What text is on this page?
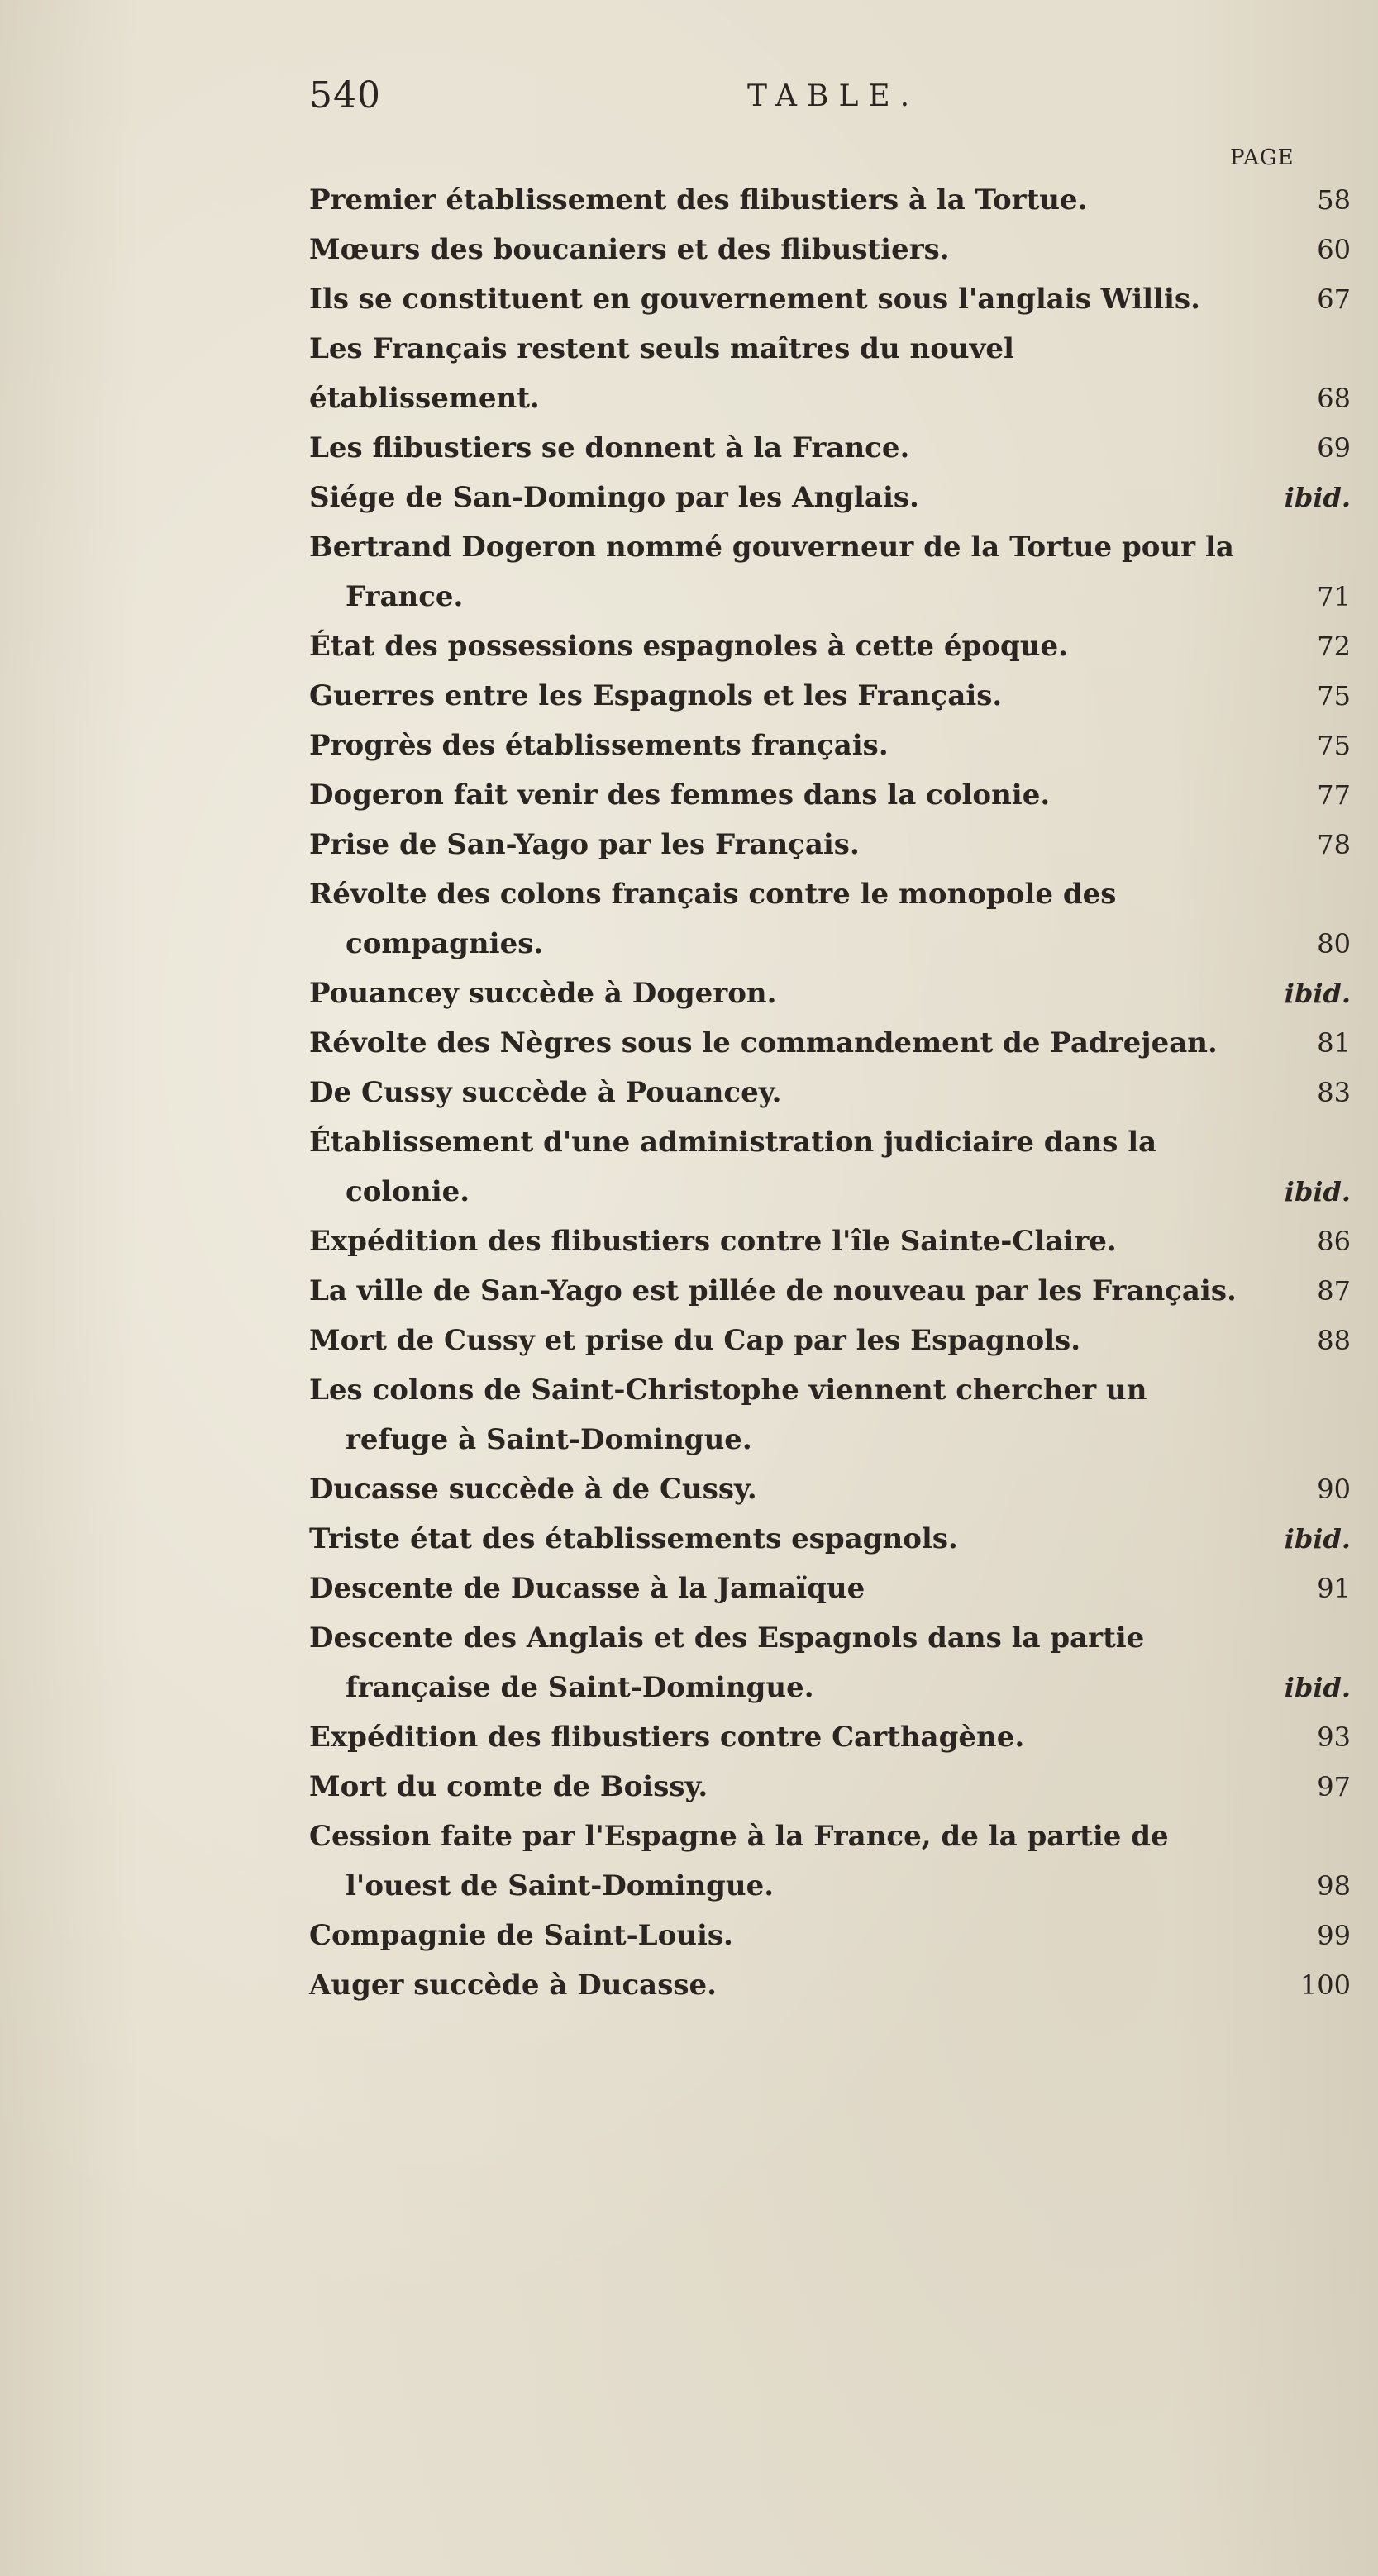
540	TABLE.
PAGE
Premier établissement des flibustiers à la Tortue.	58
Mœurs des boucaniers et des flibustiers.	60
Ils se constituent en gouvernement sous l'anglais Willis.	67
Les Français restent seuls maîtres du nouvel établissement.	68
Les flibustiers se donnent à la France.	69
Siége de San-Domingo par les Anglais.	ibid.
Bertrand Dogeron nommé gouverneur de la Tortue pour la France.	71
État des possessions espagnoles à cette époque.	72
Guerres entre les Espagnols et les Français.	75
Progrès des établissements français.	75
Dogeron fait venir des femmes dans la colonie.	77
Prise de San-Yago par les Français.	78
Révolte des colons français contre le monopole des compagnies.	80
Pouancey succède à Dogeron.	ibid.
Révolte des Nègres sous le commandement de Padrejean.	81
De Cussy succède à Pouancey.	83
Établissement d'une administration judiciaire dans la colonie.	ibid.
Expédition des flibustiers contre l'île Sainte-Claire.	86
La ville de San-Yago est pillée de nouveau par les Français.	87
Mort de Cussy et prise du Cap par les Espagnols.	88
Les colons de Saint-Christophe viennent chercher un refuge à Saint-Domingue.
Ducasse succède à de Cussy.	90
Triste état des établissements espagnols.	ibid.
Descente de Ducasse à la Jamaïque	91
Descente des Anglais et des Espagnols dans la partie française de Saint-Domingue.	ibid.
Expédition des flibustiers contre Carthagène.	93
Mort du comte de Boissy.	97
Cession faite par l'Espagne à la France, de la partie de l'ouest de Saint-Domingue.	98
Compagnie de Saint-Louis.	99
Auger succède à Ducasse.	100
